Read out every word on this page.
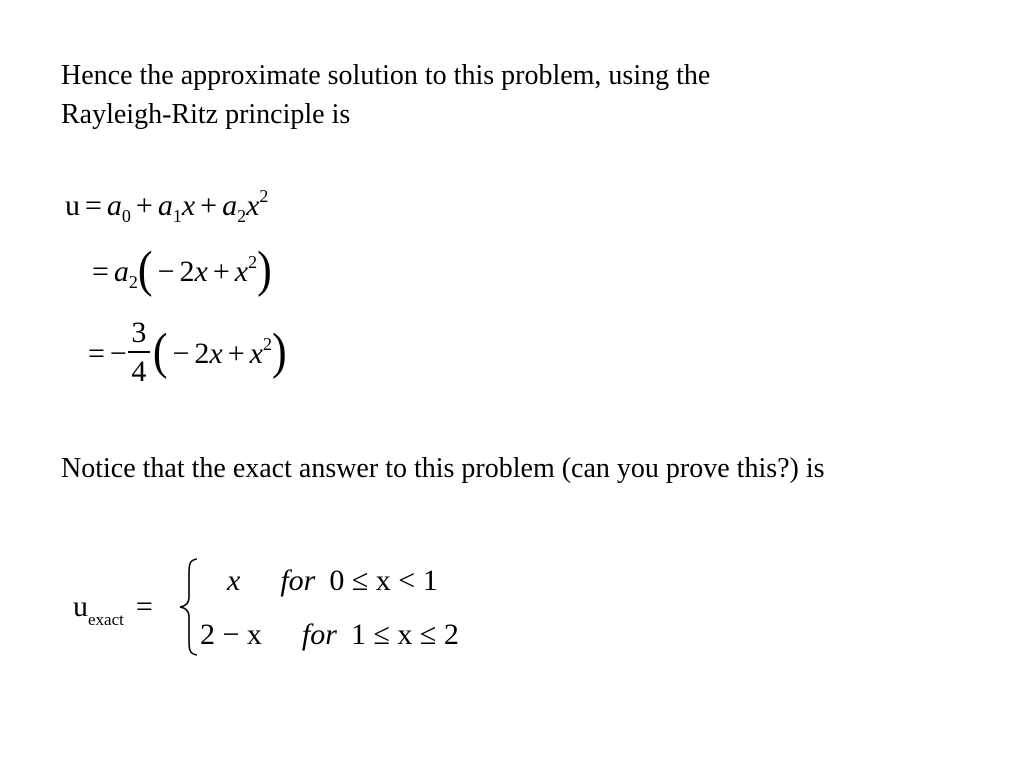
Hence the approximate solution to this problem, using the
Rayleigh-Ritz principle is
$u = a_0 + a_1x + a_2x^2$
= $a_2( - 2x + x^2)$
= − $\frac{3}{4}$ ( − $2x + x^2$)
Notice that the exact answer to this problem (can you prove this?) is
$u_{exact}$ =
x for 0 ≤ x < 1
2 − x for 1 ≤ x ≤ 2
